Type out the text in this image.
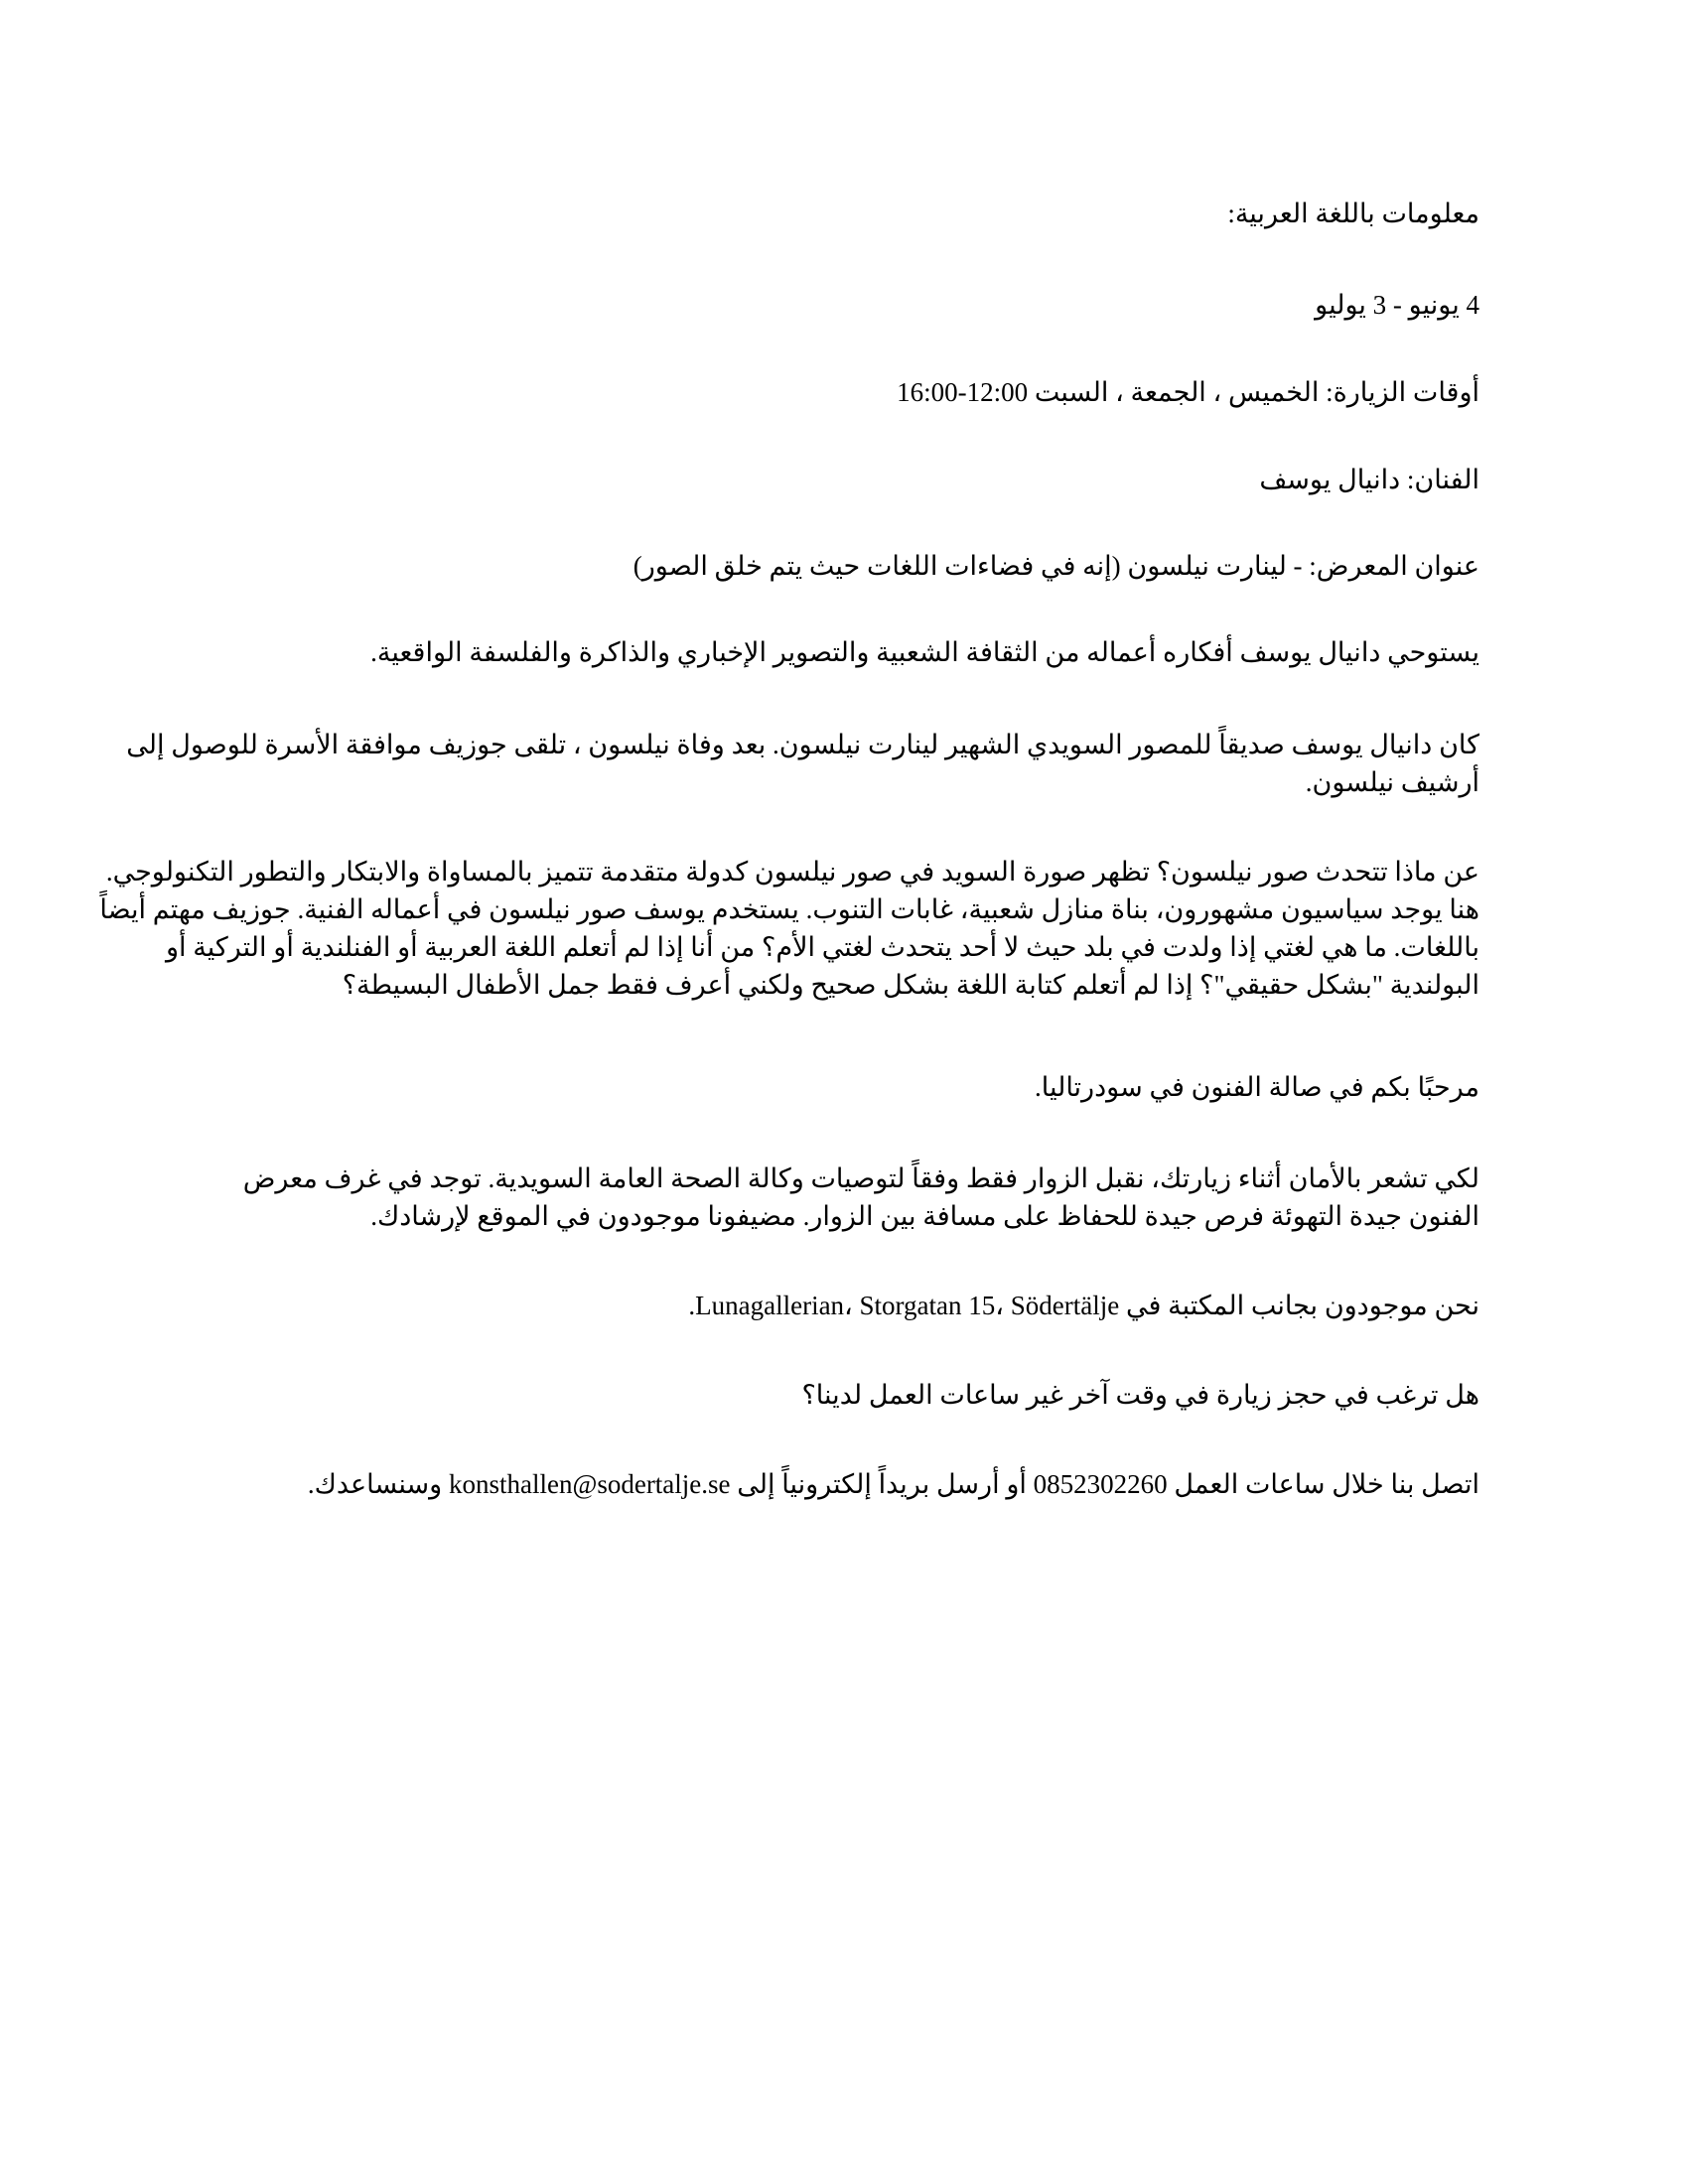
معلومات باللغة العربية:
4 يونيو - 3 يوليو
أوقات الزيارة: الخميس ، الجمعة ، السبت 12:00-16:00
الفنان: دانيال يوسف
عنوان المعرض: - لينارت نيلسون (إنه في فضاءات اللغات حيث يتم خلق الصور)
يستوحي دانيال يوسف أفكاره أعماله من الثقافة الشعبية والتصوير الإخباري والذاكرة والفلسفة الواقعية.
كان دانيال يوسف صديقاً للمصور السويدي الشهير لينارت نيلسون. بعد وفاة نيلسون ، تلقى جوزيف موافقة الأسرة للوصول إلى أرشيف نيلسون.
عن ماذا تتحدث صور نيلسون؟ تظهر صورة السويد في صور نيلسون كدولة متقدمة تتميز بالمساواة والابتكار والتطور التكنولوجي. هنا يوجد سياسيون مشهورون، بناة منازل شعبية، غابات التنوب. يستخدم يوسف صور نيلسون في أعماله الفنية. جوزيف مهتم أيضاً باللغات. ما هي لغتي إذا ولدت في بلد حيث لا أحد يتحدث لغتي الأم؟ من أنا إذا لم أتعلم اللغة العربية أو الفنلندية أو التركية أو البولندية "بشكل حقيقي"؟ إذا لم أتعلم كتابة اللغة بشكل صحيح ولكني أعرف فقط جمل الأطفال البسيطة؟
مرحبًا بكم في صالة الفنون في سودرتاليا.
لكي تشعر بالأمان أثناء زيارتك، نقبل الزوار فقط وفقاً لتوصيات وكالة الصحة العامة السويدية. توجد في غرف معرض الفنون جيدة التهوئة فرص جيدة للحفاظ على مسافة بين الزوار. مضيفونا موجودون في الموقع لإرشادك.
نحن موجودون بجانب المكتبة في Lunagallerian، Storgatan 15، Södertälje.
هل ترغب في حجز زيارة في وقت آخر غير ساعات العمل لدينا؟
اتصل بنا خلال ساعات العمل 0852302260 أو أرسل بريداً إلكترونياً إلى konsthallen@sodertalje.se وسنساعدك.
